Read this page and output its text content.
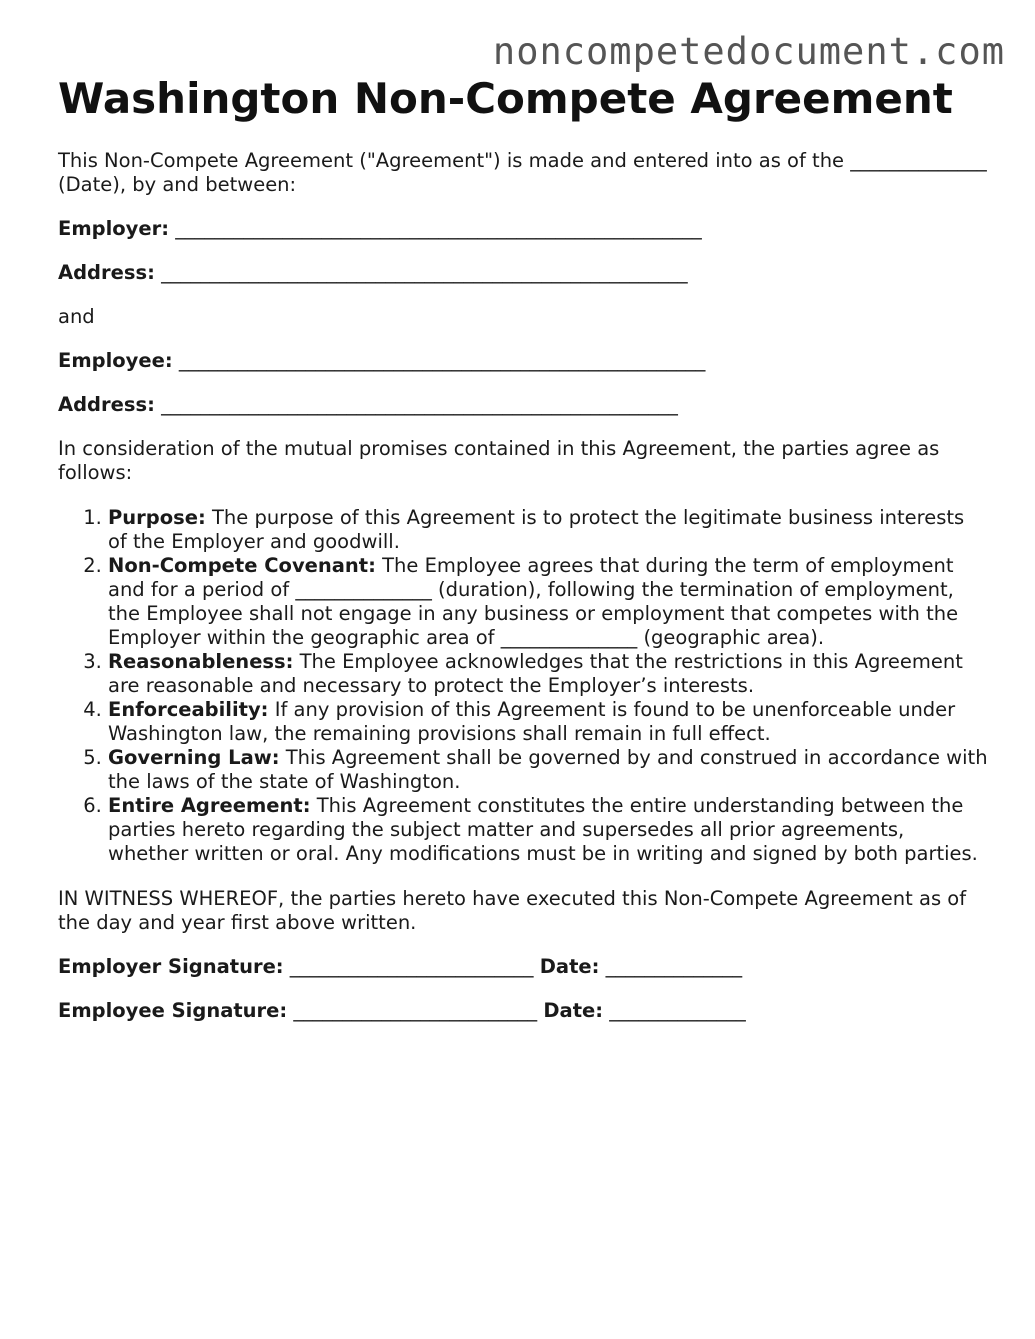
noncompetedocument.com
Washington Non-Compete Agreement

This Non-Compete Agreement ("Agreement") is made and entered into as of the ______________ (Date), by and between:

Employer: ______________________________________________________

Address: ______________________________________________________

and

Employee: ______________________________________________________

Address: _____________________________________________________

In consideration of the mutual promises contained in this Agreement, the parties agree as follows:

1. Purpose: The purpose of this Agreement is to protect the legitimate business interests of the Employer and goodwill.
2. Non-Compete Covenant: The Employee agrees that during the term of employment and for a period of ______________ (duration), following the termination of employment, the Employee shall not engage in any business or employment that competes with the Employer within the geographic area of ______________ (geographic area).
3. Reasonableness: The Employee acknowledges that the restrictions in this Agreement are reasonable and necessary to protect the Employer’s interests.
4. Enforceability: If any provision of this Agreement is found to be unenforceable under Washington law, the remaining provisions shall remain in full effect.
5. Governing Law: This Agreement shall be governed by and construed in accordance with the laws of the state of Washington.
6. Entire Agreement: This Agreement constitutes the entire understanding between the parties hereto regarding the subject matter and supersedes all prior agreements, whether written or oral. Any modifications must be in writing and signed by both parties.

IN WITNESS WHEREOF, the parties hereto have executed this Non-Compete Agreement as of the day and year first above written.

Employer Signature: _________________________ Date: ______________

Employee Signature: _________________________ Date: ______________
